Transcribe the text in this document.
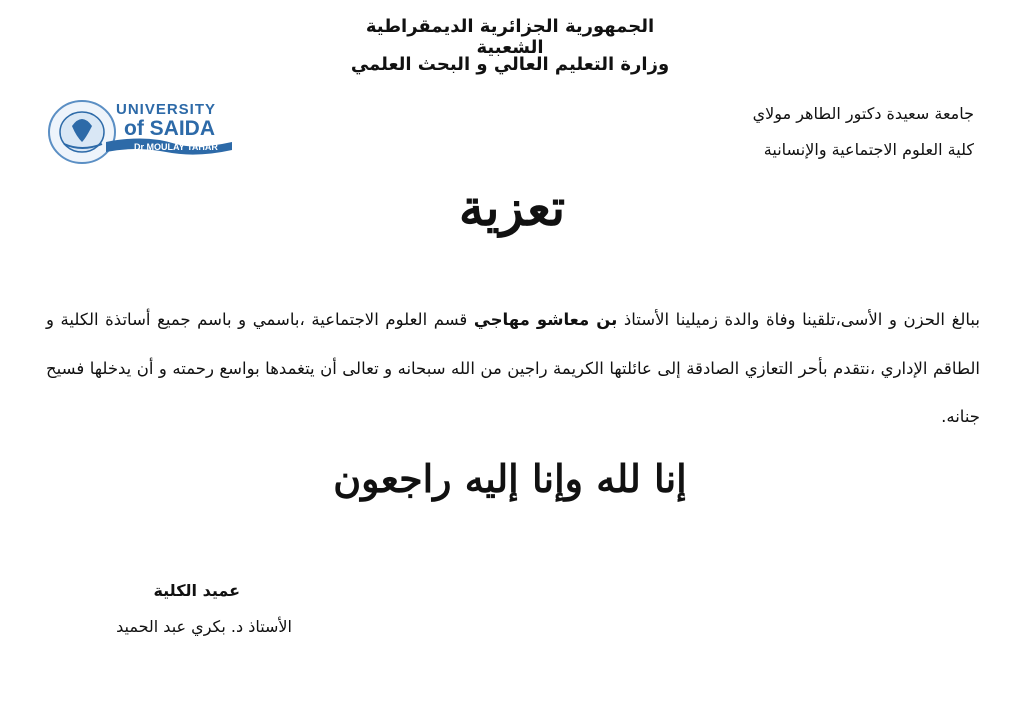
الجمهورية الجزائرية الديمقراطية الشعبية
وزارة التعليم العالي و البحث العلمي
UNIVERSITY
of SAIDA
Dr MOULAY TAHAR
جامعة سعيدة دكتور الطاهر مولاي
كلية العلوم الاجتماعية والإنسانية
تعزية
ببالغ الحزن و الأسى،تلقينا وفاة والدة زميلينا الأستاذ بن معاشو مهاجي قسم العلوم الاجتماعية ،باسمي و باسم جميع أساتذة الكلية و الطاقم الإداري ،نتقدم بأحر التعازي الصادقة إلى عائلتها الكريمة راجين من الله سبحانه و تعالى أن يتغمدها بواسع رحمته و أن يدخلها فسيح جنانه.
إنا لله وإنا إليه راجعون
عميد الكلية
الأستاذ د. بكري عبد الحميد
